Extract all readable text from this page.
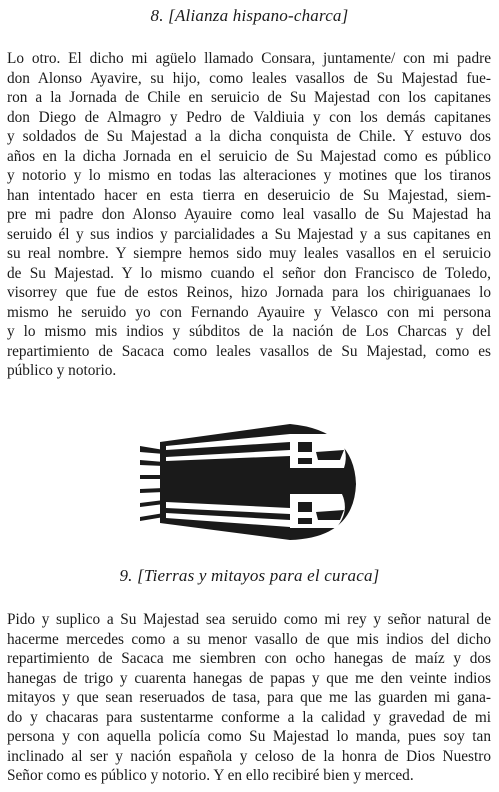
8. [Alianza hispano-charca]
Lo otro. El dicho mi agüelo llamado Consara, juntamente/ con mi padre
don Alonso Ayavire, su hijo, como leales vasallos de Su Majestad fue-
ron a la Jornada de Chile en seruicio de Su Majestad con los capitanes
don Diego de Almagro y Pedro de Valdiuia y con los demás capitanes
y soldados de Su Majestad a la dicha conquista de Chile. Y estuvo dos
años en la dicha Jornada en el seruicio de Su Majestad como es público
y notorio y lo mismo en todas las alteraciones y motines que los tiranos
han intentado hacer en esta tierra en deseruicio de Su Majestad, siem-
pre mi padre don Alonso Ayauire como leal vasallo de Su Majestad ha
seruido él y sus indios y parcialidades a Su Majestad y a sus capitanes en
su real nombre. Y siempre hemos sido muy leales vasallos en el seruicio
de Su Majestad. Y lo mismo cuando el señor don Francisco de Toledo,
visorrey que fue de estos Reinos, hizo Jornada para los chiriguanaes lo
mismo he seruido yo con Fernando Ayauire y Velasco con mi persona
y lo mismo mis indios y súbditos de la nación de Los Charcas y del
repartimiento de Sacaca como leales vasallos de Su Majestad, como es
público y notorio.
9. [Tierras y mitayos para el curaca]
Pido y suplico a Su Majestad sea seruido como mi rey y señor natural de
hacerme mercedes como a su menor vasallo de que mis indios del dicho
repartimiento de Sacaca me siembren con ocho hanegas de maíz y dos
hanegas de trigo y cuarenta hanegas de papas y que me den veinte indios
mitayos y que sean reseruados de tasa, para que me las guarden mi gana-
do y chacaras para sustentarme conforme a la calidad y gravedad de mi
persona y con aquella policía como Su Majestad lo manda, pues soy tan
inclinado al ser y nación española y celoso de la honra de Dios Nuestro
Señor como es público y notorio. Y en ello recibiré bien y merced.
